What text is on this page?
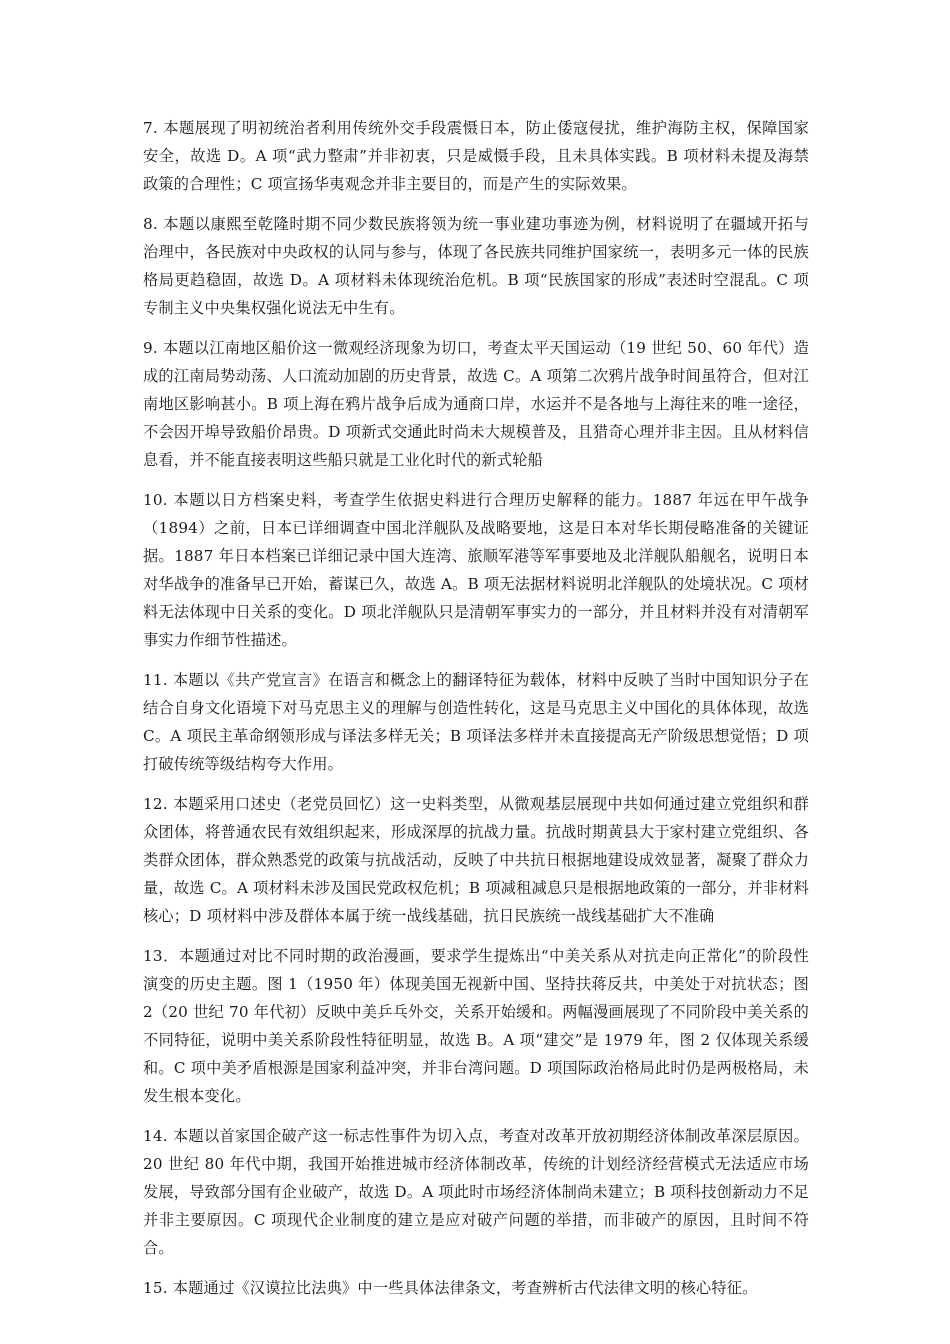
7. 本题展现了明初统治者利用传统外交手段震慑日本，防止倭寇侵扰，维护海防主权，保障国家安全，故选 D。A 项“武力整肃”并非初衷，只是威慑手段，且未具体实践。B 项材料未提及海禁政策的合理性；C 项宣扬华夷观念并非主要目的，而是产生的实际效果。

8. 本题以康熙至乾隆时期不同少数民族将领为统一事业建功事迹为例，材料说明了在疆域开拓与治理中，各民族对中央政权的认同与参与，体现了各民族共同维护国家统一，表明多元一体的民族格局更趋稳固，故选 D。A 项材料未体现统治危机。B 项“民族国家的形成”表述时空混乱。C 项专制主义中央集权强化说法无中生有。

9. 本题以江南地区船价这一微观经济现象为切口，考查太平天国运动（19 世纪 50、60 年代）造成的江南局势动荡、人口流动加剧的历史背景，故选 C。A 项第二次鸦片战争时间虽符合，但对江南地区影响甚小。B 项上海在鸦片战争后成为通商口岸，水运并不是各地与上海往来的唯一途径，不会因开埠导致船价昂贵。D 项新式交通此时尚未大规模普及，且猎奇心理并非主因。且从材料信息看，并不能直接表明这些船只就是工业化时代的新式轮船

10. 本题以日方档案史料，考查学生依据史料进行合理历史解释的能力。1887 年远在甲午战争（1894）之前，日本已详细调查中国北洋舰队及战略要地，这是日本对华长期侵略准备的关键证据。1887 年日本档案已详细记录中国大连湾、旅顺军港等军事要地及北洋舰队船舰名，说明日本对华战争的准备早已开始，蓄谋已久，故选 A。B 项无法据材料说明北洋舰队的处境状况。C 项材料无法体现中日关系的变化。D 项北洋舰队只是清朝军事实力的一部分，并且材料并没有对清朝军事实力作细节性描述。

11. 本题以《共产党宣言》在语言和概念上的翻译特征为载体，材料中反映了当时中国知识分子在结合自身文化语境下对马克思主义的理解与创造性转化，这是马克思主义中国化的具体体现，故选 C。A 项民主革命纲领形成与译法多样无关；B 项译法多样并未直接提高无产阶级思想觉悟；D 项打破传统等级结构夸大作用。

12. 本题采用口述史（老党员回忆）这一史料类型，从微观基层展现中共如何通过建立党组织和群众团体，将普通农民有效组织起来，形成深厚的抗战力量。抗战时期黄县大于家村建立党组织、各类群众团体，群众熟悉党的政策与抗战活动，反映了中共抗日根据地建设成效显著，凝聚了群众力量，故选 C。A 项材料未涉及国民党政权危机；B 项减租减息只是根据地政策的一部分，并非材料核心；D 项材料中涉及群体本属于统一战线基础，抗日民族统一战线基础扩大不准确

13．本题通过对比不同时期的政治漫画，要求学生提炼出“中美关系从对抗走向正常化”的阶段性演变的历史主题。图 1（1950 年）体现美国无视新中国、坚持扶蒋反共，中美处于对抗状态；图 2（20 世纪 70 年代初）反映中美乒乓外交，关系开始缓和。两幅漫画展现了不同阶段中美关系的不同特征，说明中美关系阶段性特征明显，故选 B。A 项“建交”是 1979 年，图 2 仅体现关系缓和。C 项中美矛盾根源是国家利益冲突，并非台湾问题。D 项国际政治格局此时仍是两极格局，未发生根本变化。

14. 本题以首家国企破产这一标志性事件为切入点，考查对改革开放初期经济体制改革深层原因。20 世纪 80 年代中期，我国开始推进城市经济体制改革，传统的计划经济经营模式无法适应市场发展，导致部分国有企业破产，故选 D。A 项此时市场经济体制尚未建立；B 项科技创新动力不足并非主要原因。C 项现代企业制度的建立是应对破产问题的举措，而非破产的原因，且时间不符合。

15. 本题通过《汉谟拉比法典》中一些具体法律条文，考查辨析古代法律文明的核心特征。
